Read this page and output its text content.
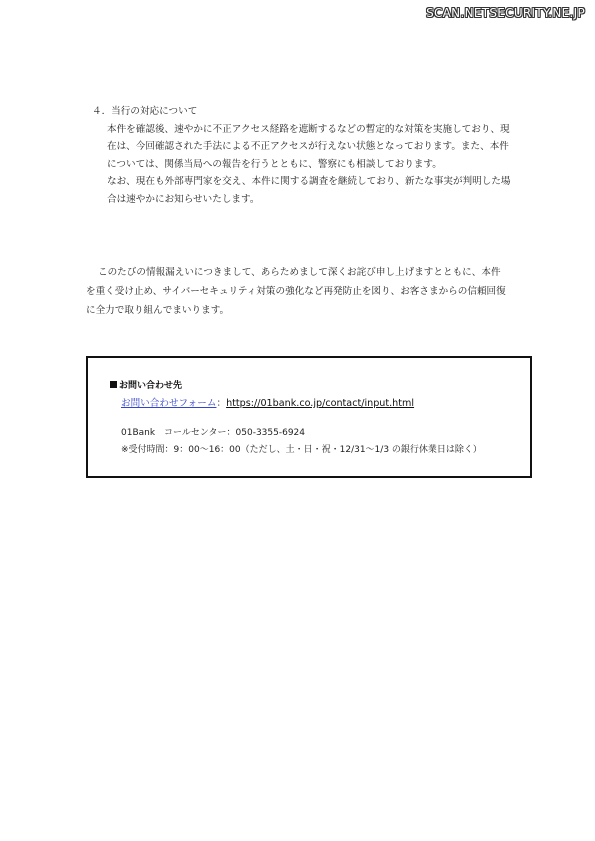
SCAN.NETSECURITY.NE.JP

４．当行の対応について

本件を確認後、速やかに不正アクセス経路を遮断するなどの暫定的な対策を実施しており、現在は、今回確認された手法による不正アクセスが行えない状態となっております。また、本件については、関係当局への報告を行うとともに、警察にも相談しております。

なお、現在も外部専門家を交え、本件に関する調査を継続しており、新たな事実が判明した場合は速やかにお知らせいたします。

このたびの情報漏えいにつきまして、あらためまして深くお詫び申し上げますとともに、本件を重く受け止め、サイバーセキュリティ対策の強化など再発防止を図り、お客さまからの信頼回復に全力で取り組んでまいります。

お問い合わせ先

お問い合わせフォーム：https://01bank.co.jp/contact/input.html

01Bank　コールセンター：050-3355-6924

※受付時間：9：00～16：00（ただし、土・日・祝・12/31～1/3 の銀行休業日は除く）
